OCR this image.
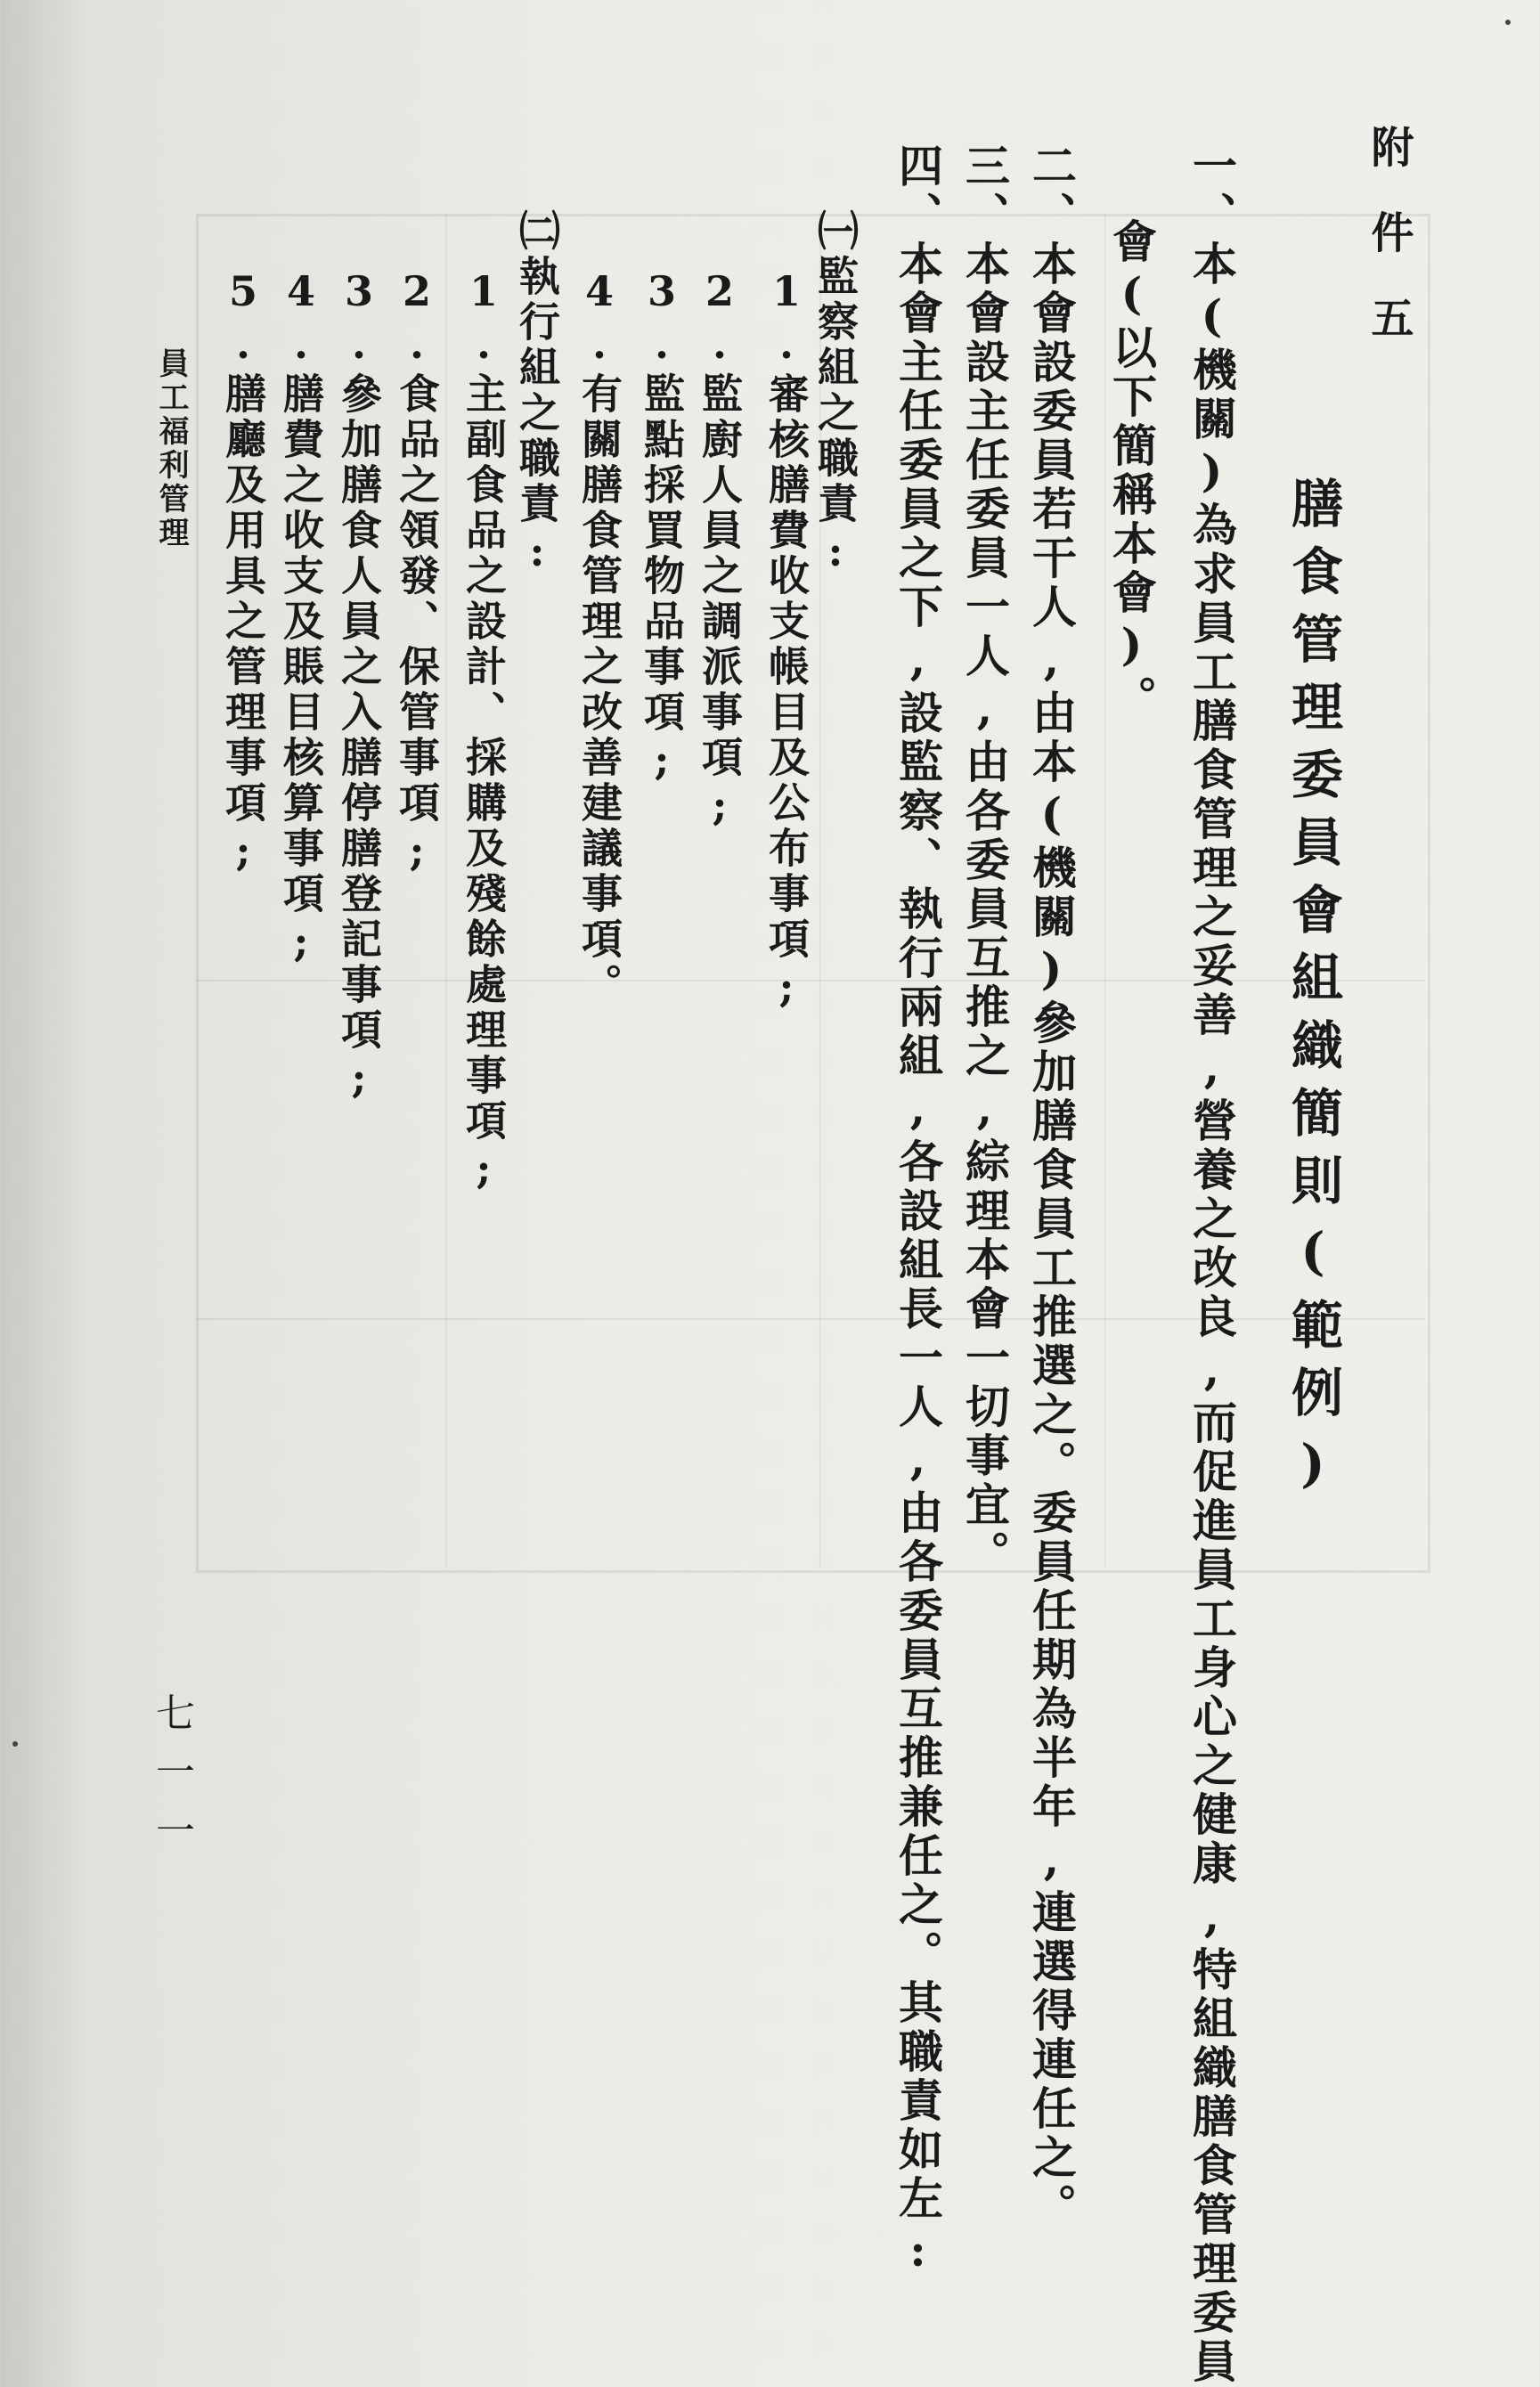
附件五
膳食管理委員會組織簡則(範例)
一、本(機關)為求員工膳食管理之妥善,營養之改良,而促進員工身心之健康,特組織膳食管理委員
會(以下簡稱本會)。
二、本會設委員若干人,由本(機關)參加膳食員工推選之。委員任期為半年,連選得連任之。
三、本會設主任委員一人,由各委員互推之,綜理本會一切事宜。
四、本會主任委員之下,設監察、執行兩組,各設組長一人,由各委員互推兼任之。其職責如左:
㈠監察組之職責:
1.審核膳費收支帳目及公布事項;
2.監廚人員之調派事項;
3.監點採買物品事項;
4.有關膳食管理之改善建議事項。
㈡執行組之職責:
1.主副食品之設計、採購及殘餘處理事項;
2.食品之領發、保管事項;
3.參加膳食人員之入膳停膳登記事項;
4.膳費之收支及賬目核算事項;
5.膳廳及用具之管理事項;
員工福利管理
七一一
